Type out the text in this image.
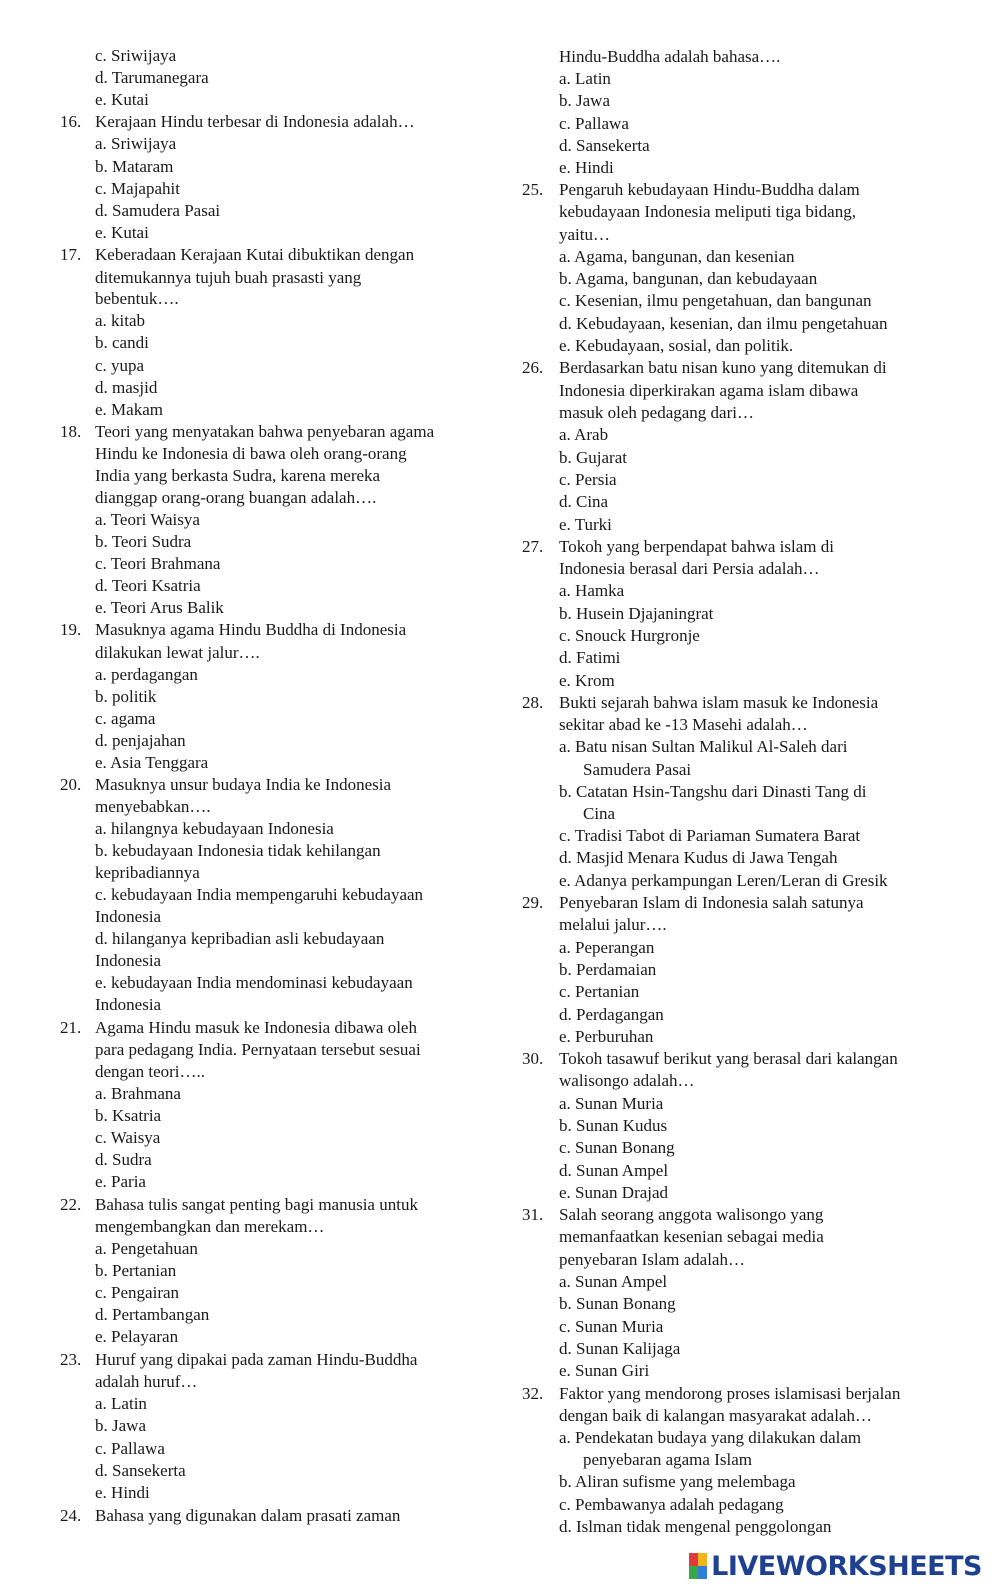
c. Sriwijaya
d. Tarumanegara
e. Kutai
16. Kerajaan Hindu terbesar di Indonesia adalah…
a. Sriwijaya
b. Mataram
c. Majapahit
d. Samudera Pasai
e. Kutai
17. Keberadaan Kerajaan Kutai dibuktikan dengan
ditemukannya tujuh buah prasasti yang
bebentuk….
a. kitab
b. candi
c. yupa
d. masjid
e. Makam
18. Teori yang menyatakan bahwa penyebaran agama
Hindu ke Indonesia di bawa oleh orang-orang
India yang berkasta Sudra, karena mereka
dianggap orang-orang buangan adalah….
a. Teori Waisya
b. Teori Sudra
c. Teori Brahmana
d. Teori Ksatria
e. Teori Arus Balik
19. Masuknya agama Hindu Buddha di Indonesia
dilakukan lewat jalur….
a. perdagangan
b. politik
c. agama
d. penjajahan
e. Asia Tenggara
20. Masuknya unsur budaya India ke Indonesia
menyebabkan….
a. hilangnya kebudayaan Indonesia
b. kebudayaan Indonesia tidak kehilangan
kepribadiannya
c. kebudayaan India mempengaruhi kebudayaan
Indonesia
d. hilanganya kepribadian asli kebudayaan
Indonesia
e. kebudayaan India mendominasi kebudayaan
Indonesia
21. Agama Hindu masuk ke Indonesia dibawa oleh
para pedagang India. Pernyataan tersebut sesuai
dengan teori…..
a. Brahmana
b. Ksatria
c. Waisya
d. Sudra
e. Paria
22. Bahasa tulis sangat penting bagi manusia untuk
mengembangkan dan merekam…
a. Pengetahuan
b. Pertanian
c. Pengairan
d. Pertambangan
e. Pelayaran
23. Huruf yang dipakai pada zaman Hindu-Buddha
adalah huruf…
a. Latin
b. Jawa
c. Pallawa
d. Sansekerta
e. Hindi
24. Bahasa yang digunakan dalam prasati zaman
Hindu-Buddha adalah bahasa….
a. Latin
b. Jawa
c. Pallawa
d. Sansekerta
e. Hindi
25. Pengaruh kebudayaan Hindu-Buddha dalam
kebudayaan Indonesia meliputi tiga bidang,
yaitu…
a. Agama, bangunan, dan kesenian
b. Agama, bangunan, dan kebudayaan
c. Kesenian, ilmu pengetahuan, dan bangunan
d. Kebudayaan, kesenian, dan ilmu pengetahuan
e. Kebudayaan, sosial, dan politik.
26. Berdasarkan batu nisan kuno yang ditemukan di
Indonesia diperkirakan agama islam dibawa
masuk oleh pedagang dari…
a. Arab
b. Gujarat
c. Persia
d. Cina
e. Turki
27. Tokoh yang berpendapat bahwa islam di
Indonesia berasal dari Persia adalah…
a. Hamka
b. Husein Djajaningrat
c. Snouck Hurgronje
d. Fatimi
e. Krom
28. Bukti sejarah bahwa islam masuk ke Indonesia
sekitar abad ke -13 Masehi adalah…
a. Batu nisan Sultan Malikul Al-Saleh dari
Samudera Pasai
b. Catatan Hsin-Tangshu dari Dinasti Tang di
Cina
c. Tradisi Tabot di Pariaman Sumatera Barat
d. Masjid Menara Kudus di Jawa Tengah
e. Adanya perkampungan Leren/Leran di Gresik
29. Penyebaran Islam di Indonesia salah satunya
melalui jalur….
a. Peperangan
b. Perdamaian
c. Pertanian
d. Perdagangan
e. Perburuhan
30. Tokoh tasawuf berikut yang berasal dari kalangan
walisongo adalah…
a. Sunan Muria
b. Sunan Kudus
c. Sunan Bonang
d. Sunan Ampel
e. Sunan Drajad
31. Salah seorang anggota walisongo yang
memanfaatkan kesenian sebagai media
penyebaran Islam adalah…
a. Sunan Ampel
b. Sunan Bonang
c. Sunan Muria
d. Sunan Kalijaga
e. Sunan Giri
32. Faktor yang mendorong proses islamisasi berjalan
dengan baik di kalangan masyarakat adalah…
a. Pendekatan budaya yang dilakukan dalam
penyebaran agama Islam
b. Aliran sufisme yang melembaga
c. Pembawanya adalah pedagang
d. Islman tidak mengenal penggolongan
LIVEWORKSHEETS
